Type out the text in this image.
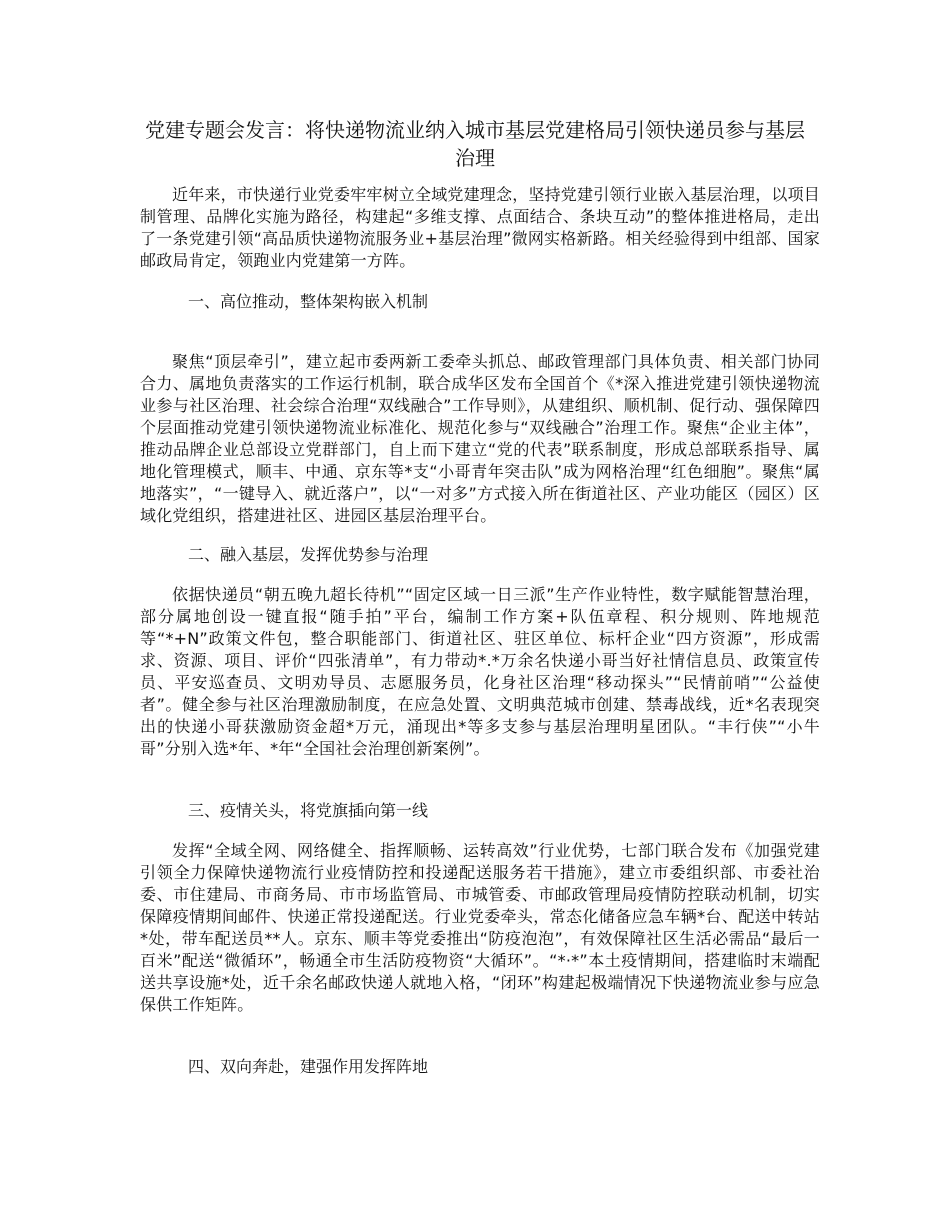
党建专题会发言：将快递物流业纳入城市基层党建格局引领快递员参与基层治理

近年来，市快递行业党委牢牢树立全域党建理念，坚持党建引领行业嵌入基层治理，以项目制管理、品牌化实施为路径，构建起“多维支撑、点面结合、条块互动”的整体推进格局，走出了一条党建引领“高品质快递物流服务业+基层治理”微网实格新路。相关经验得到中组部、国家邮政局肯定，领跑业内党建第一方阵。

一、高位推动，整体架构嵌入机制

聚焦“顶层牵引”，建立起市委两新工委牵头抓总、邮政管理部门具体负责、相关部门协同合力、属地负责落实的工作运行机制，联合成华区发布全国首个《*深入推进党建引领快递物流业参与社区治理、社会综合治理“双线融合”工作导则》，从建组织、顺机制、促行动、强保障四个层面推动党建引领快递物流业标准化、规范化参与“双线融合”治理工作。聚焦“企业主体”，推动品牌企业总部设立党群部门，自上而下建立“党的代表”联系制度，形成总部联系指导、属地化管理模式，顺丰、中通、京东等*支“小哥青年突击队”成为网格治理“红色细胞”。聚焦“属地落实”，“一键导入、就近落户”，以“一对多”方式接入所在街道社区、产业功能区（园区）区域化党组织，搭建进社区、进园区基层治理平台。

二、融入基层，发挥优势参与治理

依据快递员“朝五晚九超长待机”“固定区域一日三派”生产作业特性，数字赋能智慧治理，部分属地创设一键直报“随手拍”平台，编制工作方案+队伍章程、积分规则、阵地规范等“*+N”政策文件包，整合职能部门、街道社区、驻区单位、标杆企业“四方资源”，形成需求、资源、项目、评价“四张清单”，有力带动*.*万余名快递小哥当好社情信息员、政策宣传员、平安巡查员、文明劝导员、志愿服务员，化身社区治理“移动探头”“民情前哨”“公益使者”。健全参与社区治理激励制度，在应急处置、文明典范城市创建、禁毒战线，近*名表现突出的快递小哥获激励资金超*万元，涌现出*等多支参与基层治理明星团队。“丰行侠”“小牛哥”分别入选*年、*年“全国社会治理创新案例”。

三、疫情关头，将党旗插向第一线

发挥“全域全网、网络健全、指挥顺畅、运转高效”行业优势，七部门联合发布《加强党建引领全力保障快递物流行业疫情防控和投递配送服务若干措施》，建立市委组织部、市委社治委、市住建局、市商务局、市市场监管局、市城管委、市邮政管理局疫情防控联动机制，切实保障疫情期间邮件、快递正常投递配送。行业党委牵头，常态化储备应急车辆*台、配送中转站*处，带车配送员**人。京东、顺丰等党委推出“防疫泡泡”，有效保障社区生活必需品“最后一百米”配送“微循环”，畅通全市生活防疫物资“大循环”。“*·*”本土疫情期间，搭建临时末端配送共享设施*处，近千余名邮政快递人就地入格，“闭环”构建起极端情况下快递物流业参与应急保供工作矩阵。

四、双向奔赴，建强作用发挥阵地
